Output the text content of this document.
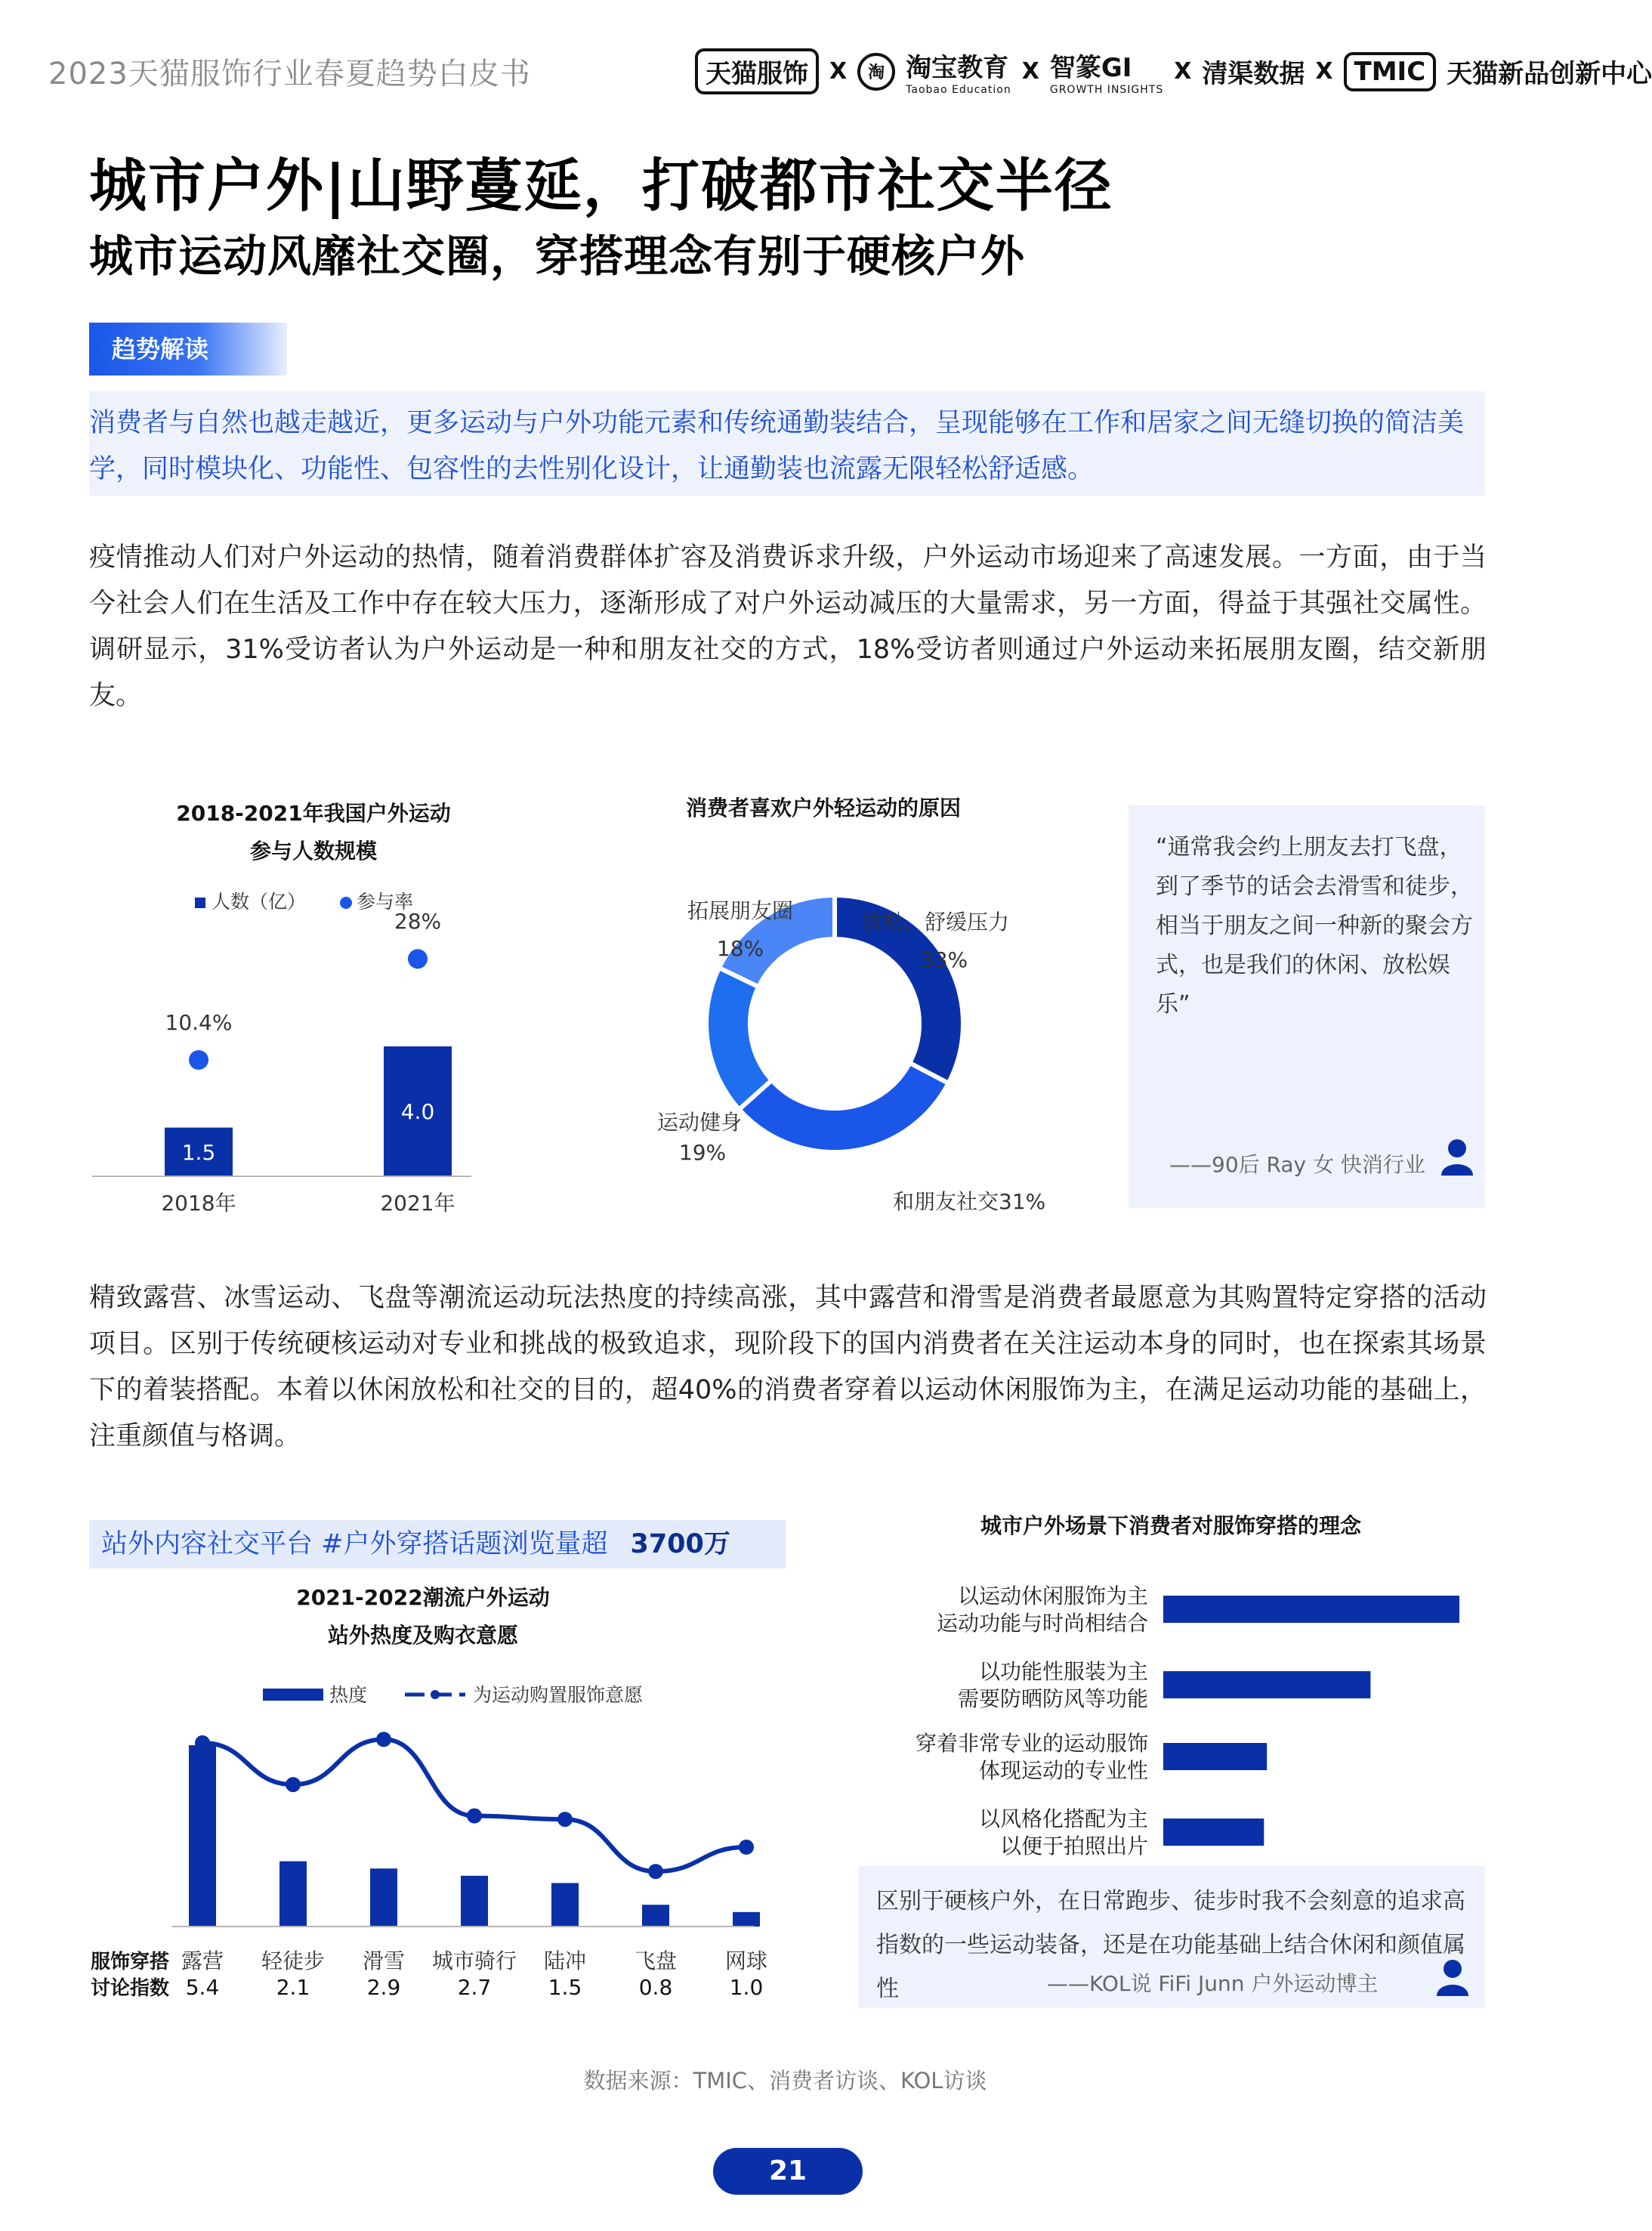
2023天猫服饰行业春夏趋势白皮书	天猫服饰 X	淘 淘宝教育
Taobao Education
X 智篆GI
GROWTH INSIGHTS
X 清渠数据 X TMIC 天猫新品创新中心
城市户外|山野蔓延，打破都市社交半径
城市运动风靡社交圈，穿搭理念有别于硬核户外
趋势解读
消费者与自然也越走越近，更多运动与户外功能元素和传统通勤装结合，呈现能够在工作和居家之间无缝切换的简洁美学，同时模块化、功能性、包容性的去性别化设计，让通勤装也流露无限轻松舒适感。
疫情推动人们对户外运动的热情，随着消费群体扩容及消费诉求升级，户外运动市场迎来了高速发展。一方面，由于当今社会人们在生活及工作中存在较大压力，逐渐形成了对户外运动减压的大量需求，另一方面，得益于其强社交属性。调研显示，31%受访者认为户外运动是一种和朋友社交的方式，18%受访者则通过户外运动来拓展朋友圈，结交新朋友。
2018-2021年我国户外运动
参与人数规模
人数（亿）	参与率
1.5
10.4%
2018年
4.0
28%
2021年
消费者喜欢户外轻运动的原因
放松、舒缓压力
33%
和朋友社交31%
运动健身
19%
拓展朋友圈
18%
“通常我会约上朋友去打飞盘，到了季节的话会去滑雪和徒步，相当于朋友之间一种新的聚会方式，也是我们的休闲、放松娱乐”
——90后 Ray 女 快消行业
精致露营、冰雪运动、飞盘等潮流运动玩法热度的持续高涨，其中露营和滑雪是消费者最愿意为其购置特定穿搭的活动项目。区别于传统硬核运动对专业和挑战的极致追求，现阶段下的国内消费者在关注运动本身的同时，也在探索其场景下的着装搭配。本着以休闲放松和社交的目的，超40%的消费者穿着以运动休闲服饰为主，在满足运动功能的基础上，注重颜值与格调。
站外内容社交平台 #户外穿搭话题浏览量超 3700万
2021-2022潮流户外运动
站外热度及购衣意愿
热度	为运动购置服饰意愿
露营
5.4
轻徒步
2.1
滑雪
2.9
城市骑行
2.7
陆冲
1.5
飞盘
0.8
网球
1.0
服饰穿搭
讨论指数
城市户外场景下消费者对服饰穿搭的理念
以运动休闲服饰为主
运动功能与时尚相结合
以功能性服装为主
需要防晒防风等功能
穿着非常专业的运动服饰
体现运动的专业性
以风格化搭配为主
以便于拍照出片
区别于硬核户外，在日常跑步、徒步时我不会刻意的追求高指数的一些运动装备，还是在功能基础上结合休闲和颜值属性	——KOL说 FiFi Junn 户外运动博主
数据来源：TMIC、消费者访谈、KOL访谈
21
